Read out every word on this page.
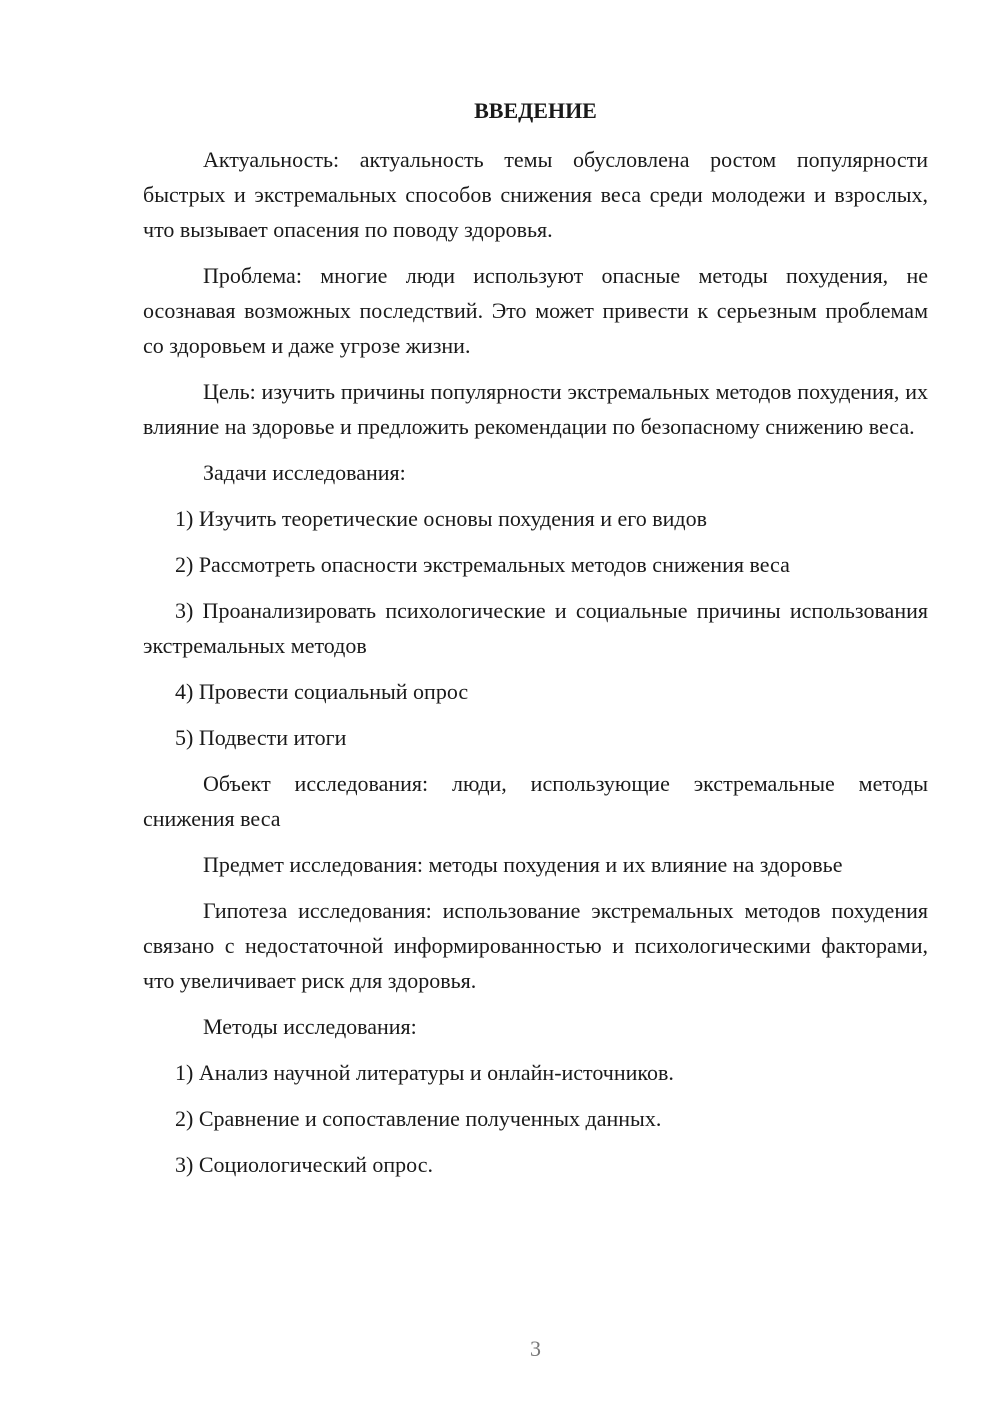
ВВЕДЕНИЕ

Актуальность: актуальность темы обусловлена ростом популярности быстрых и экстремальных способов снижения веса среди молодежи и взрослых, что вызывает опасения по поводу здоровья.

Проблема: многие люди используют опасные методы похудения, не осознавая возможных последствий. Это может привести к серьезным проблемам со здоровьем и даже угрозе жизни.

Цель: изучить причины популярности экстремальных методов похудения, их влияние на здоровье и предложить рекомендации по безопасному снижению веса.

Задачи исследования:

1) Изучить теоретические основы похудения и его видов

2) Рассмотреть опасности экстремальных методов снижения веса

3) Проанализировать психологические и социальные причины использования экстремальных методов

4) Провести социальный опрос

5) Подвести итоги

Объект исследования: люди, использующие экстремальные методы снижения веса

Предмет исследования: методы похудения и их влияние на здоровье

Гипотеза исследования: использование экстремальных методов похудения связано с недостаточной информированностью и психологическими факторами, что увеличивает риск для здоровья.

Методы исследования:

1) Анализ научной литературы и онлайн-источников.

2) Сравнение и сопоставление полученных данных.

3) Социологический опрос.

3
